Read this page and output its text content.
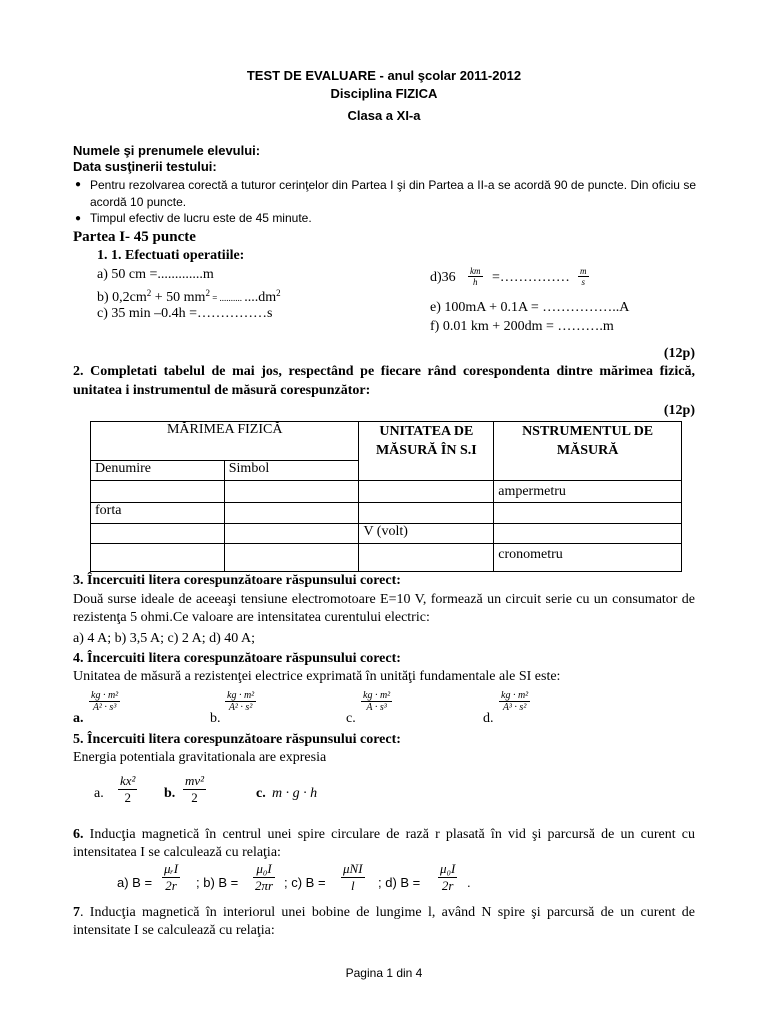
TEST DE EVALUARE - anul şcolar 2011-2012
Disciplina FIZICA
Clasa a XI-a
Numele şi prenumele elevului:
Data susţinerii testului:
● Pentru rezolvarea corectă a tuturor cerinţelor din Partea I şi din Partea a II-a se acordă 90 de puncte. Din oficiu se acordă 10 puncte.
● Timpul efectiv de lucru este de 45 minute.
Partea I- 45 puncte
1. 1. Efectuati operatiile:
a) 50 cm =.............m
b) $0,2cm^2 + 50$ $mm^2$ = .......... $....dm^2$
c) 35 min –0.4h =……………s
$d)36 \frac{km}{h}$ =…………… $\frac{m}{s}$
e) 100mA + 0.1A = ……………..A
f) 0.01 km + 200dm = ……….m
(12p)
2. Completati tabelul de mai jos, respectând pe fiecare rând corespondenta dintre mărimea fizică, unitatea i instrumentul de măsură corespunzător:
(12p)
MĂRIMEA FIZICĂ		UNITATEA DE MĂSURĂ ÎN S.I	NSTRUMENTUL DE MĂSURĂ
Denumire	Simbol		
			ampermetru
forta			
		V (volt)	
			cronometru
3. Încercuiti litera corespunzătoare răspunsului corect:
Două surse ideale de aceeaşi tensiune electromotoare E=10 V, formează un circuit serie cu un consumator de rezistenţa 5 ohmi.Ce valoare are intensitatea curentului electric:
a) 4 A; b) 3,5 A; c) 2 A; d) 40 A;
4. Încercuiti litera corespunzătoare răspunsului corect:
Unitatea de măsură a rezistenţei electrice exprimată în unităţi fundamentale ale SI este:
a.
$\frac{\text{kg · m²}}{\text{A² · s³}}$
b.
$\frac{\text{kg · m²}}{\text{A² · s²}}$
c.
$\frac{\text{kg · m²}}{\text{A · s³}}$
d.
$\frac{\text{kg · m²}}{\text{A³ · s²}}$
5. Încercuiti litera corespunzătoare răspunsului corect:
Energia potentiala gravitationala are expresia
a. $\frac{\text{kx²}}{2} b$. $\frac{\text{mv²}}{2}$	c. m · g · h
6. Inducţia magnetică în centrul unei spire circulare de rază r plasată în vid şi parcursă de un curent cu intensitatea I se calculează cu relaţia:
a) B =
μᵣI
2r ; b) $B = \frac{\text{μ₀I}}{2\pi r}$ ; c) B =
μNI
l	; d) $B = \frac{\text{μ₀I}}{2r}$ .
7. Inducţia magnetică în interiorul unei bobine de lungime l, având N spire şi parcursă de un curent de intensitate I se calculează cu relaţia:
Pagina 1 din 4
